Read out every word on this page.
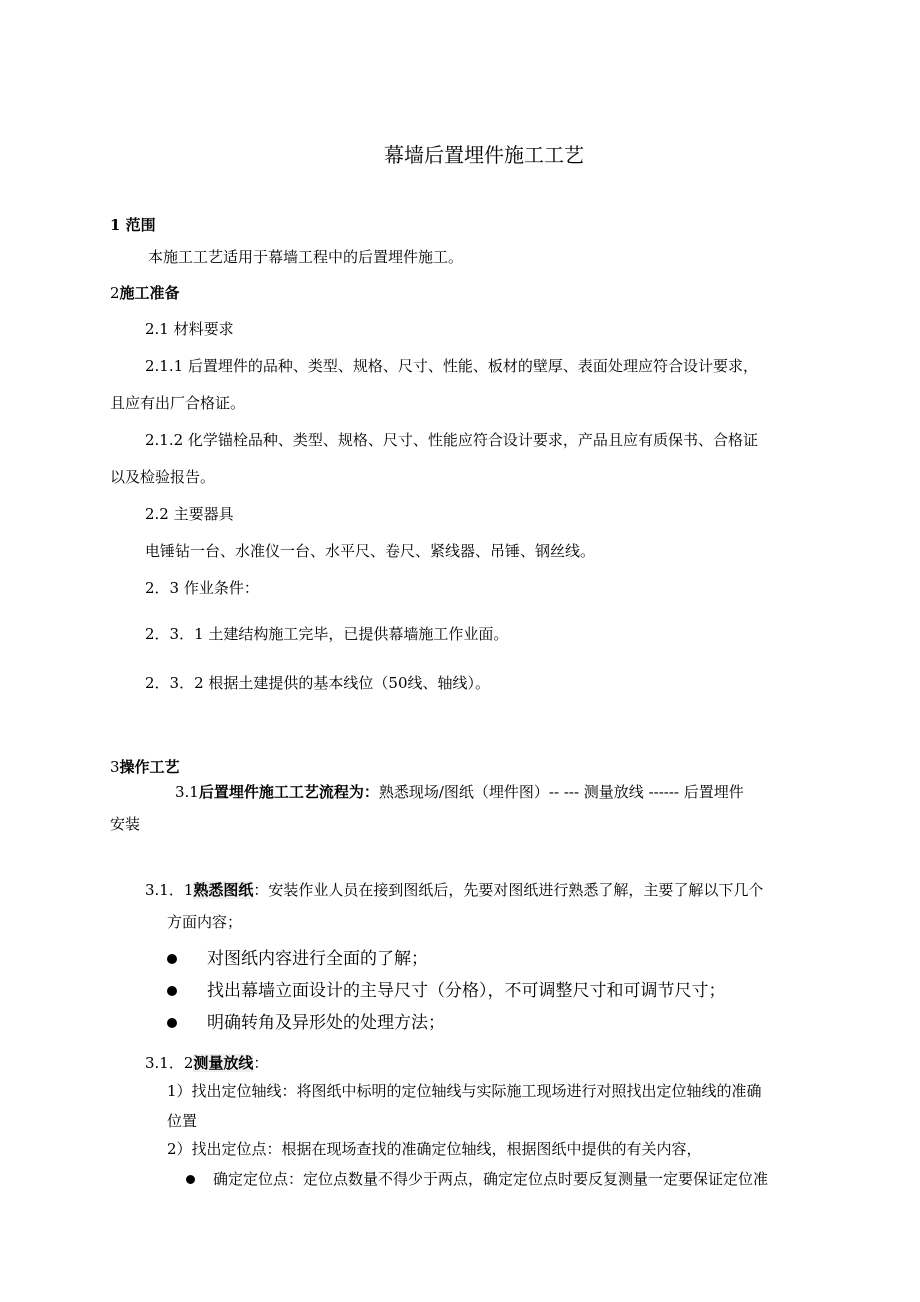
幕墙后置埋件施工工艺
1 范围
本施工工艺适用于幕墙工程中的后置埋件施工。
2施工准备
2.1 材料要求
2.1.1 后置埋件的品种、类型、规格、尺寸、性能、板材的壁厚、表面处理应符合设计要求，
且应有出厂合格证。
2.1.2 化学锚栓品种、类型、规格、尺寸、性能应符合设计要求，产品且应有质保书、合格证
以及检验报告。
2.2 主要器具
电锤钻一台、水准仪一台、水平尺、卷尺、紧线器、吊锤、钢丝线。
2．3 作业条件：
2．3．1 土建结构施工完毕，已提供幕墙施工作业面。
2．3．2 根据土建提供的基本线位（50线、轴线）。
3操作工艺
3.1后置埋件施工工艺流程为：熟悉现场/图纸（埋件图）-- --- 测量放线 ------ 后置埋件
安装
3.1．1熟悉图纸：安装作业人员在接到图纸后，先要对图纸进行熟悉了解，主要了解以下几个
方面内容；
对图纸内容进行全面的了解；
找出幕墙立面设计的主导尺寸（分格），不可调整尺寸和可调节尺寸；
明确转角及异形处的处理方法；
3.1．2测量放线：
1）找出定位轴线：将图纸中标明的定位轴线与实际施工现场进行对照找出定位轴线的准确
位置
2）找出定位点：根据在现场查找的准确定位轴线，根据图纸中提供的有关内容，
确定定位点：定位点数量不得少于两点，确定定位点时要反复测量一定要保证定位准
